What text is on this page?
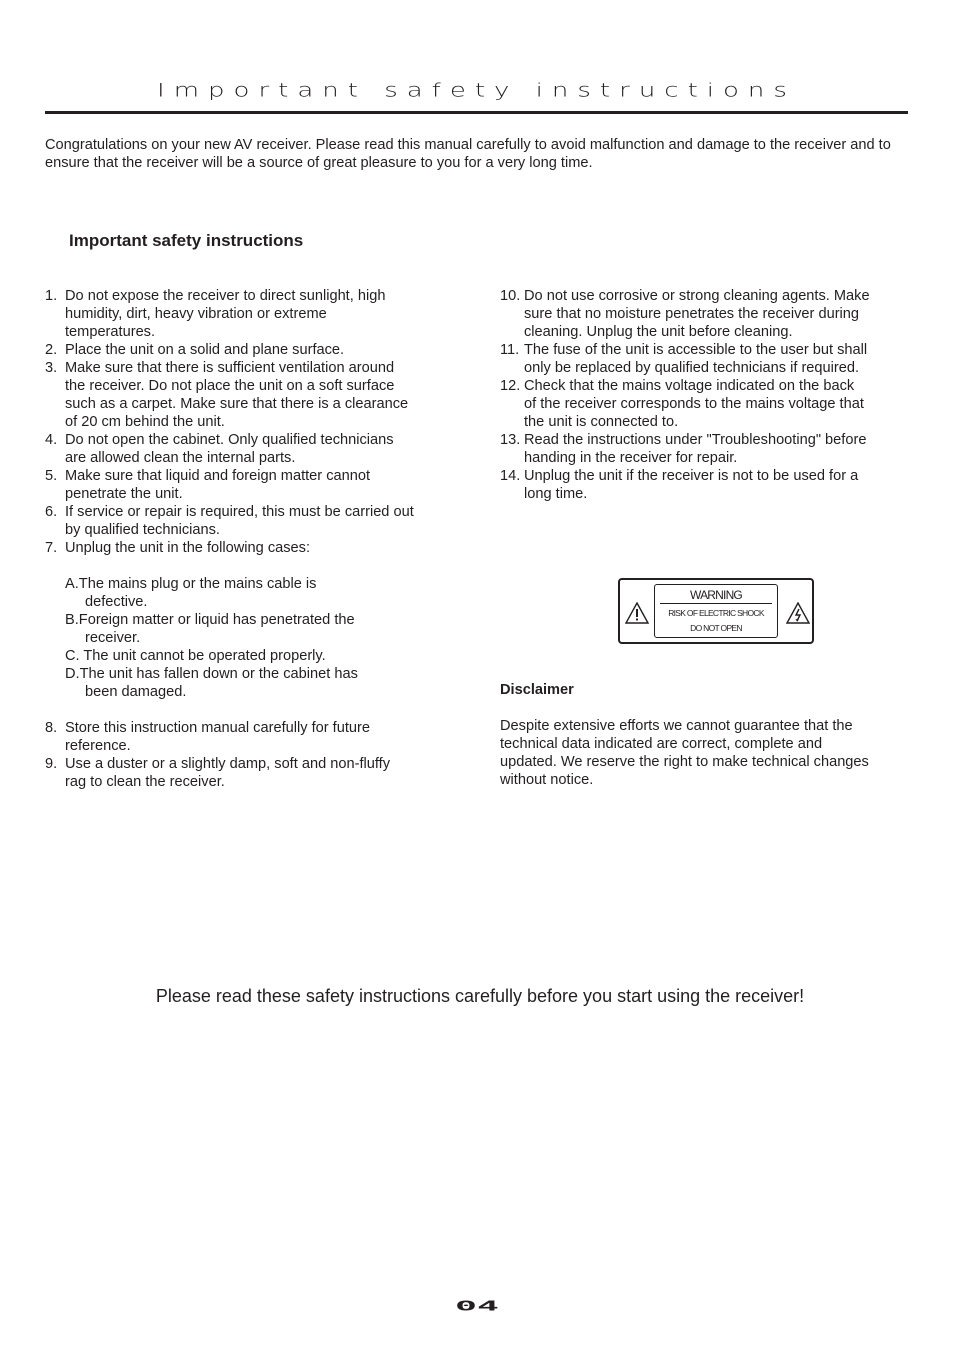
Important safety instructions
Congratulations on your new AV receiver. Please read this manual carefully to avoid malfunction and damage to the receiver and to ensure that the receiver will be a source of great pleasure to you for a very long time.
Important safety instructions
1. Do not expose the receiver to direct sunlight, high humidity, dirt, heavy vibration or extreme temperatures.
2. Place the unit on a solid and plane surface.
3. Make sure that there is sufficient ventilation around the receiver. Do not place the unit on a soft surface such as a carpet. Make sure that there is a clearance of 20 cm behind the unit.
4. Do not open the cabinet. Only qualified technicians are allowed clean the internal parts.
5. Make sure that liquid and foreign matter cannot penetrate the unit.
6. If service or repair is required, this must be carried out by qualified technicians.
7. Unplug the unit in the following cases:
A.The mains plug or the mains cable is
defective.
B.Foreign matter or liquid has penetrated the
receiver.
C. The unit cannot be operated properly.
D.The unit has fallen down or the cabinet has
been damaged.
8. Store this instruction manual carefully for future reference.
9. Use a duster or a slightly damp, soft and non-fluffy rag to clean the receiver.
10. Do not use corrosive or strong cleaning agents. Make sure that no moisture penetrates the receiver during cleaning. Unplug the unit before cleaning.
11. The fuse of the unit is accessible to the user but shall only be replaced by qualified technicians if required.
12. Check that the mains voltage indicated on the back of the receiver corresponds to the mains voltage that the unit is connected to.
13. Read the instructions under "Troubleshooting" before handing in the receiver for repair.
14. Unplug the unit if the receiver is not to be used for a long time.
WARNING
RISK OF ELECTRIC SHOCK
DO NOT OPEN
Disclaimer
Despite extensive efforts we cannot guarantee that the technical data indicated are correct, complete and updated. We reserve the right to make technical changes without notice.
Please read these safety instructions carefully before you start using the receiver!
04
